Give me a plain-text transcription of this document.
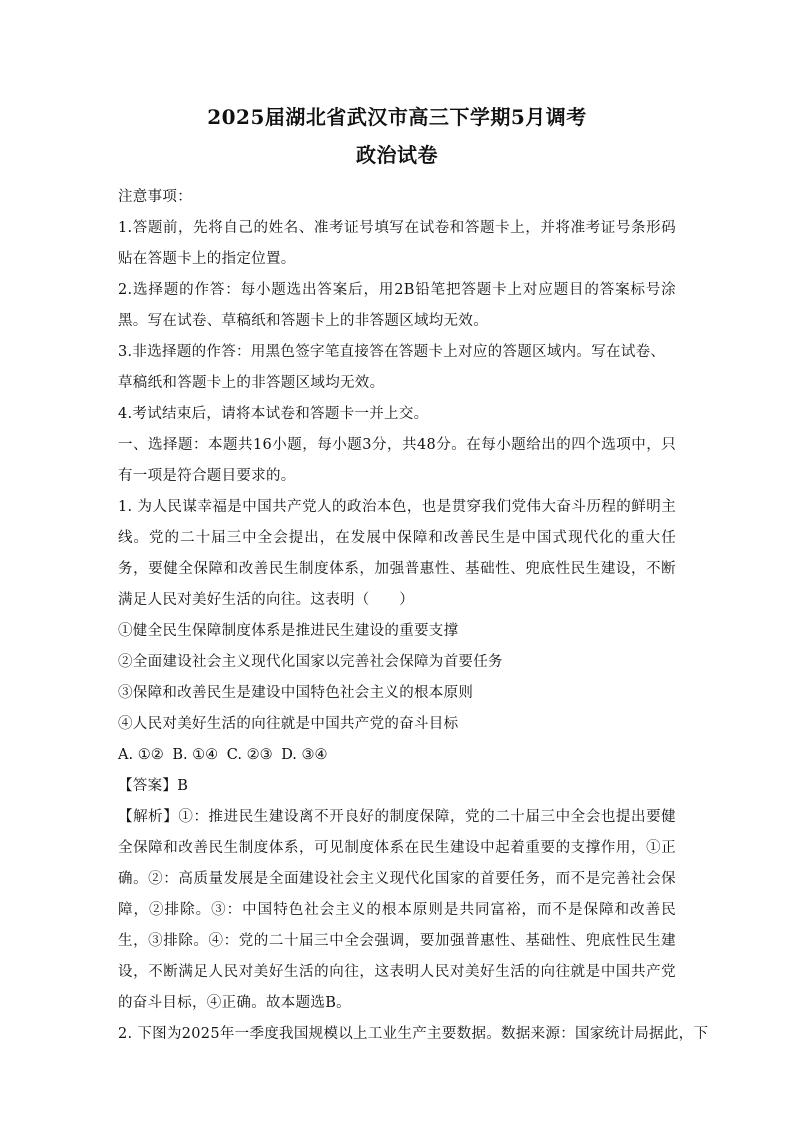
2025届湖北省武汉市高三下学期5月调考
政治试卷
注意事项：
1.答题前，先将自己的姓名、准考证号填写在试卷和答题卡上，并将准考证号条形码贴在答题卡上的指定位置。
2.选择题的作答：每小题选出答案后，用2B铅笔把答题卡上对应题目的答案标号涂黑。写在试卷、草稿纸和答题卡上的非答题区域均无效。
3.非选择题的作答：用黑色签字笔直接答在答题卡上对应的答题区域内。写在试卷、
草稿纸和答题卡上的非答题区域均无效。
4.考试结束后，请将本试卷和答题卡一并上交。
一、选择题：本题共16小题，每小题3分，共48分。在每小题给出的四个选项中，只有一项是符合题目要求的。
1. 为人民谋幸福是中国共产党人的政治本色，也是贯穿我们党伟大奋斗历程的鲜明主线。党的二十届三中全会提出，在发展中保障和改善民生是中国式现代化的重大任务，要健全保障和改善民生制度体系，加强普惠性、基础性、兜底性民生建设，不断满足人民对美好生活的向往。这表明（　　）
①健全民生保障制度体系是推进民生建设的重要支撑
②全面建设社会主义现代化国家以完善社会保障为首要任务
③保障和改善民生是建设中国特色社会主义的根本原则
④人民对美好生活的向往就是中国共产党的奋斗目标
A. ①② B. ①④ C. ②③ D. ③④
【答案】B
【解析】①：推进民生建设离不开良好的制度保障，党的二十届三中全会也提出要健全保障和改善民生制度体系，可见制度体系在民生建设中起着重要的支撑作用，①正确。②：高质量发展是全面建设社会主义现代化国家的首要任务，而不是完善社会保障，②排除。③：中国特色社会主义的根本原则是共同富裕，而不是保障和改善民生，③排除。④：党的二十届三中全会强调，要加强普惠性、基础性、兜底性民生建设，不断满足人民对美好生活的向往，这表明人民对美好生活的向往就是中国共产党的奋斗目标，④正确。故本题选B。
2. 下图为2025年一季度我国规模以上工业生产主要数据。数据来源：国家统计局据此，下
